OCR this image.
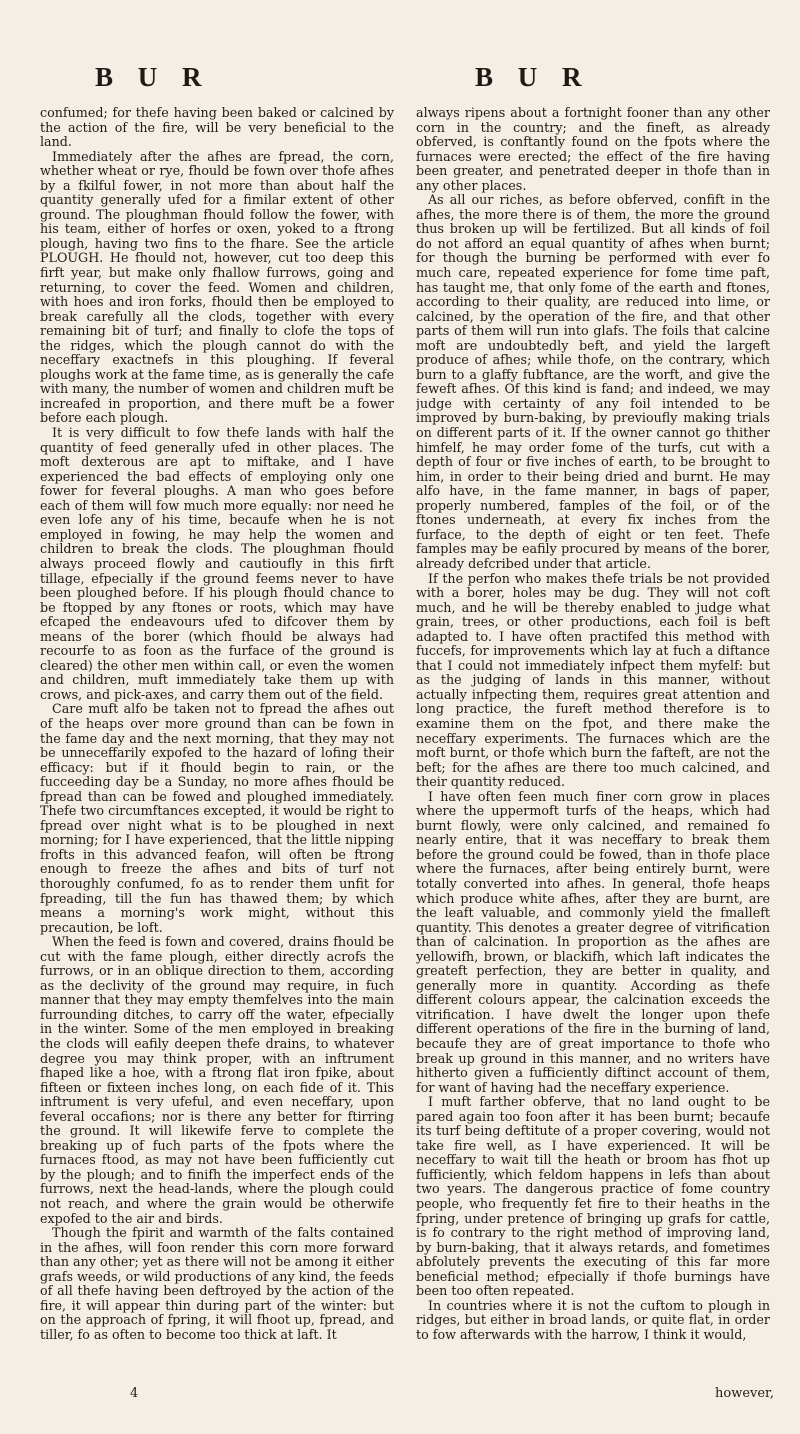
B U R	B U R

confumed; for thefe having been baked or calcined by the action of the fire, will be very beneficial to the land.

Immediately after the afhes are fpread, the corn, whether wheat or rye, fhould be fown over thofe afhes by a fkilful fower, in not more than about half the quantity generally ufed for a fimilar extent of other ground. The ploughman fhould follow the fower, with his team, either of horfes or oxen, yoked to a ftrong plough, having two fins to the fhare. See the article PLOUGH. He fhould not, however, cut too deep this firft year, but make only fhallow furrows, going and returning, to cover the feed. Women and children, with hoes and iron forks, fhould then be employed to break carefully all the clods, together with every remaining bit of turf; and finally to clofe the tops of the ridges, which the plough cannot do with the neceffary exactnefs in this ploughing. If feveral ploughs work at the fame time, as is generally the cafe with many, the number of women and children muft be increafed in proportion, and there muft be a fower before each plough.

It is very difficult to fow thefe lands with half the quantity of feed generally ufed in other places. The moft dexterous are apt to miftake, and I have experienced the bad effects of employing only one fower for feveral ploughs. A man who goes before each of them will fow much more equally: nor need he even lofe any of his time, becaufe when he is not employed in fowing, he may help the women and children to break the clods. The ploughman fhould always proceed flowly and cautioufly in this firft tillage, efpecially if the ground feems never to have been ploughed before. If his plough fhould chance to be ftopped by any ftones or roots, which may have efcaped the endeavours ufed to difcover them by means of the borer (which fhould be always had recourfe to as foon as the furface of the ground is cleared) the other men within call, or even the women and children, muft immediately take them up with crows, and pick-axes, and carry them out of the field.

Care muft alfo be taken not to fpread the afhes out of the heaps over more ground than can be fown in the fame day and the next morning, that they may not be unneceffarily expofed to the hazard of lofing their efficacy: but if it fhould begin to rain, or the fucceeding day be a Sunday, no more afhes fhould be fpread than can be fowed and ploughed immediately. Thefe two circumftances excepted, it would be right to fpread over night what is to be ploughed in next morning; for I have experienced, that the little nipping frofts in this advanced feafon, will often be ftrong enough to freeze the afhes and bits of turf not thoroughly confumed, fo as to render them unfit for fpreading, till the fun has thawed them; by which means a morning's work might, without this precaution, be loft.

When the feed is fown and covered, drains fhould be cut with the fame plough, either directly acrofs the furrows, or in an oblique direction to them, according as the declivity of the ground may require, in fuch manner that they may empty themfelves into the main furrounding ditches, to carry off the water, efpecially in the winter. Some of the men employed in breaking the clods will eafily deepen thefe drains, to whatever degree you may think proper, with an inftrument fhaped like a hoe, with a ftrong flat iron fpike, about fifteen or fixteen inches long, on each fide of it. This inftrument is very ufeful, and even neceffary, upon feveral occafions; nor is there any better for ftirring the ground. It will likewife ferve to complete the breaking up of fuch parts of the fpots where the furnaces ftood, as may not have been fufficiently cut by the plough; and to finifh the imperfect ends of the furrows, next the head-lands, where the plough could not reach, and where the grain would be otherwife expofed to the air and birds.

Though the fpirit and warmth of the falts contained in the afhes, will foon render this corn more forward than any other; yet as there will not be among it either grafs weeds, or wild productions of any kind, the feeds of all thefe having been deftroyed by the action of the fire, it will appear thin during part of the winter: but on the approach of fpring, it will fhoot up, fpread, and tiller, fo as often to become too thick at laft. It

always ripens about a fortnight fooner than any other corn in the country; and the fineft, as already obferved, is conftantly found on the fpots where the furnaces were erected; the effect of the fire having been greater, and penetrated deeper in thofe than in any other places.

As all our riches, as before obferved, confift in the afhes, the more there is of them, the more the ground thus broken up will be fertilized. But all kinds of foil do not afford an equal quantity of afhes when burnt; for though the burning be performed with ever fo much care, repeated experience for fome time paft, has taught me, that only fome of the earth and ftones, according to their quality, are reduced into lime, or calcined, by the operation of the fire, and that other parts of them will run into glafs. The foils that calcine moft are undoubtedly beft, and yield the largeft produce of afhes; while thofe, on the contrary, which burn to a glaffy fubftance, are the worft, and give the feweft afhes. Of this kind is fand; and indeed, we may judge with certainty of any foil intended to be improved by burn-baking, by previoufly making trials on different parts of it. If the owner cannot go thither himfelf, he may order fome of the turfs, cut with a depth of four or five inches of earth, to be brought to him, in order to their being dried and burnt. He may alfo have, in the fame manner, in bags of paper, properly numbered, famples of the foil, or of the ftones underneath, at every fix inches from the furface, to the depth of eight or ten feet. Thefe famples may be eafily procured by means of the borer, already defcribed under that article.

If the perfon who makes thefe trials be not provided with a borer, holes may be dug. They will not coft much, and he will be thereby enabled to judge what grain, trees, or other productions, each foil is beft adapted to. I have often practifed this method with fuccefs, for improvements which lay at fuch a diftance that I could not immediately infpect them myfelf: but as the judging of lands in this manner, without actually infpecting them, requires great attention and long practice, the fureft method therefore is to examine them on the fpot, and there make the neceffary experiments. The furnaces which are the moft burnt, or thofe which burn the fafteft, are not the beft; for the afhes are there too much calcined, and their quantity reduced.

I have often feen much finer corn grow in places where the uppermoft turfs of the heaps, which had burnt flowly, were only calcined, and remained fo nearly entire, that it was neceffary to break them before the ground could be fowed, than in thofe place where the furnaces, after being entirely burnt, were totally converted into afhes. In general, thofe heaps which produce white afhes, after they are burnt, are the leaft valuable, and commonly yield the fmalleft quantity. This denotes a greater degree of vitrification than of calcination. In proportion as the afhes are yellowifh, brown, or blackifh, which laft indicates the greateft perfection, they are better in quality, and generally more in quantity. According as thefe different colours appear, the calcination exceeds the vitrification. I have dwelt the longer upon thefe different operations of the fire in the burning of land, becaufe they are of great importance to thofe who break up ground in this manner, and no writers have hitherto given a fufficiently diftinct account of them, for want of having had the neceffary experience.

I muft farther obferve, that no land ought to be pared again too foon after it has been burnt; becaufe its turf being deftitute of a proper covering, would not take fire well, as I have experienced. It will be neceffary to wait till the heath or broom has fhot up fufficiently, which feldom happens in lefs than about two years. The dangerous practice of fome country people, who frequently fet fire to their heaths in the fpring, under pretence of bringing up grafs for cattle, is fo contrary to the right method of improving land, by burn-baking, that it always retards, and fometimes abfolutely prevents the executing of this far more beneficial method; efpecially if thofe burnings have been too often repeated.

In countries where it is not the cuftom to plough in ridges, but either in broad lands, or quite flat, in order to fow afterwards with the harrow, I think it would,

4	however,
